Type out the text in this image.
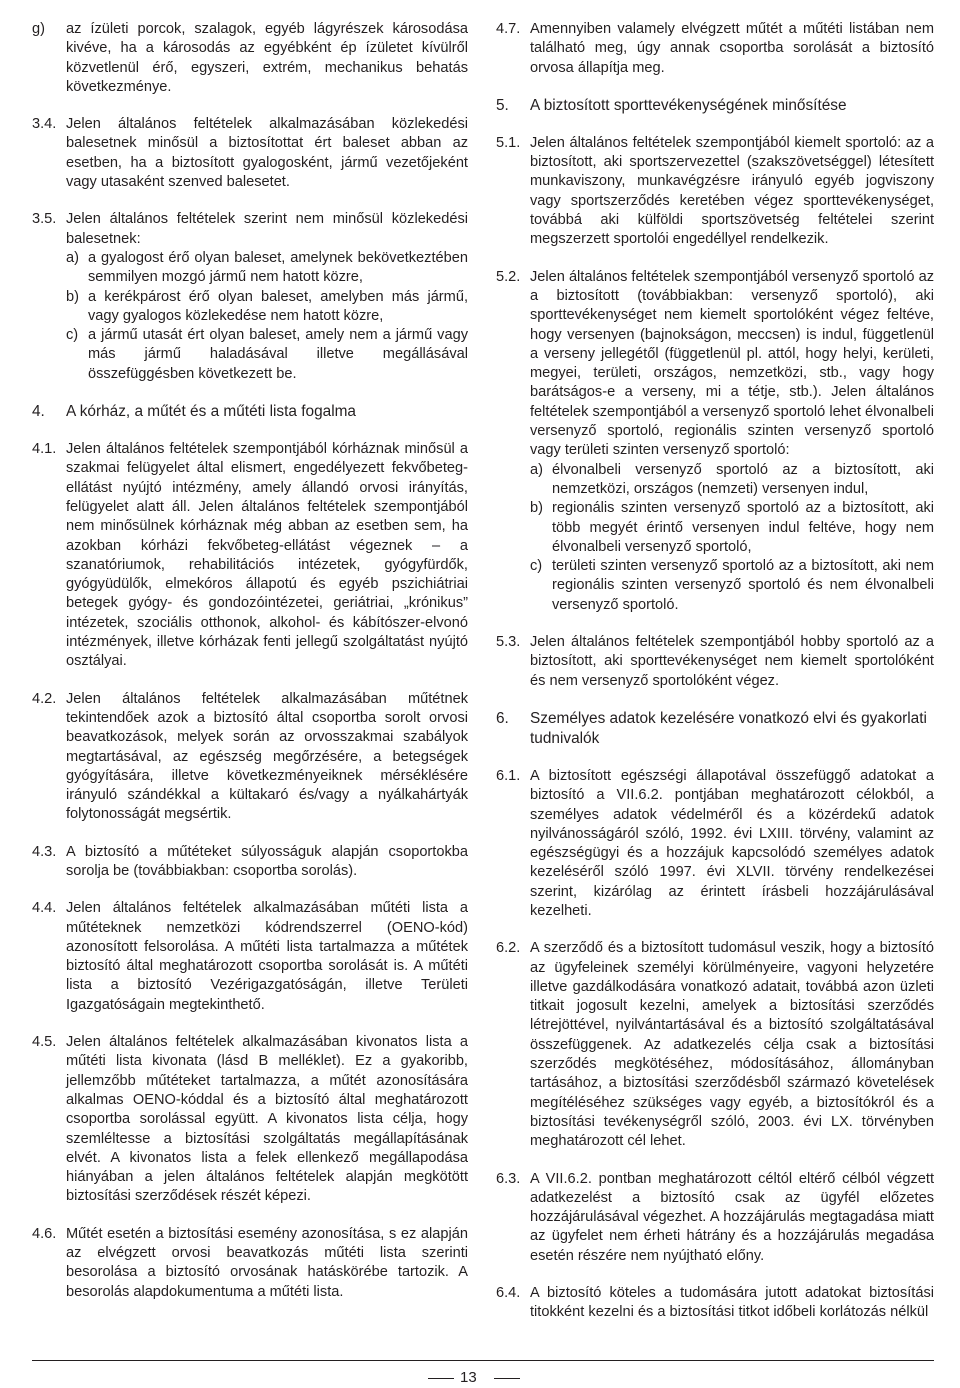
g) az ízületi porcok, szalagok, egyéb lágyrészek károsodása kivéve, ha a károsodás az egyébként ép ízületet kívülről közvetlenül érő, egyszeri, extrém, mechanikus behatás következménye.
3.4. Jelen általános feltételek alkalmazásában közlekedési balesetnek minősül a biztosítottat ért baleset abban az esetben, ha a biztosított gyalogosként, jármű vezetőjeként vagy utasaként szenved balesetet.
3.5. Jelen általános feltételek szerint nem minősül közlekedési balesetnek:
a) a gyalogost érő olyan baleset, amelynek bekövetkeztében semmilyen mozgó jármű nem hatott közre,
b) a kerékpárost érő olyan baleset, amelyben más jármű, vagy gyalogos közlekedése nem hatott közre,
c) a jármű utasát ért olyan baleset, amely nem a jármű vagy más jármű haladásával illetve megállásával összefüggésben következett be.
4. A kórház, a műtét és a műtéti lista fogalma
4.1. Jelen általános feltételek szempontjából kórháznak minősül a szakmai felügyelet által elismert, engedélyezett fekvőbeteg-ellátást nyújtó intézmény, amely állandó orvosi irányítás, felügyelet alatt áll. Jelen általános feltételek szempontjából nem minősülnek kórháznak még abban az esetben sem, ha azokban kórházi fekvőbeteg-ellátást végeznek – a szanatóriumok, rehabilitációs intézetek, gyógyfürdők, gyógyüdülők, elmekóros állapotú és egyéb pszichiátriai betegek gyógy- és gondozóintézetei, geriátriai, „krónikus” intézetek, szociális otthonok, alkohol- és kábítószer-elvonó intézmények, illetve kórházak fenti jellegű szolgáltatást nyújtó osztályai.
4.2. Jelen általános feltételek alkalmazásában műtétnek tekintendőek azok a biztosító által csoportba sorolt orvosi beavatkozások, melyek során az orvosszakmai szabályok megtartásával, az egészség megőrzésére, a betegségek gyógyítására, illetve következményeiknek mérséklésére irányuló szándékkal a kültakaró és/vagy a nyálkahártyák folytonosságát megsértik.
4.3. A biztosító a műtéteket súlyosságuk alapján csoportokba sorolja be (továbbiakban: csoportba sorolás).
4.4. Jelen általános feltételek alkalmazásában műtéti lista a műtéteknek nemzetközi kódrendszerrel (OENO-kód) azonosított felsorolása. A műtéti lista tartalmazza a műtétek biztosító által meghatározott csoportba sorolását is. A műtéti lista a biztosító Vezérigazgatóságán, illetve Területi Igazgatóságain megtekinthető.
4.5. Jelen általános feltételek alkalmazásában kivonatos lista a műtéti lista kivonata (lásd B melléklet). Ez a gyakoribb, jellemzőbb műtéteket tartalmazza, a műtét azonosítására alkalmas OENO-kóddal és a biztosító által meghatározott csoportba sorolással együtt. A kivonatos lista célja, hogy szemléltesse a biztosítási szolgáltatás megállapításának elvét. A kivonatos lista a felek ellenkező megállapodása hiányában a jelen általános feltételek alapján megkötött biztosítási szerződések részét képezi.
4.6. Műtét esetén a biztosítási esemény azonosítása, s ez alapján az elvégzett orvosi beavatkozás műtéti lista szerinti besorolása a biztosító orvosának hatáskörébe tartozik. A besorolás alapdokumentuma a műtéti lista.
4.7. Amennyiben valamely elvégzett műtét a műtéti listában nem található meg, úgy annak csoportba sorolását a biztosító orvosa állapítja meg.
5. A biztosított sporttevékenységének minősítése
5.1. Jelen általános feltételek szempontjából kiemelt sportoló: az a biztosított, aki sportszervezettel (szakszövetséggel) létesített munkaviszony, munkavégzésre irányuló egyéb jogviszony vagy sportszerződés keretében végez sporttevékenységet, továbbá aki külföldi sportszövetség feltételei szerint megszerzett sportolói engedéllyel rendelkezik.
5.2. Jelen általános feltételek szempontjából versenyző sportoló az a biztosított (továbbiakban: versenyző sportoló), aki sporttevékenységet nem kiemelt sportolóként végez feltéve, hogy versenyen (bajnokságon, meccsen) is indul, függetlenül a verseny jellegétől (függetlenül pl. attól, hogy helyi, kerületi, megyei, területi, országos, nemzetközi, stb., vagy hogy barátságos-e a verseny, mi a tétje, stb.). Jelen általános feltételek szempontjából a versenyző sportoló lehet élvonalbeli versenyző sportoló, regionális szinten versenyző sportoló vagy területi szinten versenyző sportoló:
a) élvonalbeli versenyző sportoló az a biztosított, aki nemzetközi, országos (nemzeti) versenyen indul,
b) regionális szinten versenyző sportoló az a biztosított, aki több megyét érintő versenyen indul feltéve, hogy nem élvonalbeli versenyző sportoló,
c) területi szinten versenyző sportoló az a biztosított, aki nem regionális szinten versenyző sportoló és nem élvonalbeli versenyző sportoló.
5.3. Jelen általános feltételek szempontjából hobby sportoló az a biztosított, aki sporttevékenységet nem kiemelt sportolóként és nem versenyző sportolóként végez.
6. Személyes adatok kezelésére vonatkozó elvi és gyakorlati tudnivalók
6.1. A biztosított egészségi állapotával összefüggő adatokat a biztosító a VII.6.2. pontjában meghatározott célokból, a személyes adatok védelméről és a közérdekű adatok nyilvánosságáról szóló, 1992. évi LXIII. törvény, valamint az egészségügyi és a hozzájuk kapcsolódó személyes adatok kezeléséről szóló 1997. évi XLVII. törvény rendelkezései szerint, kizárólag az érintett írásbeli hozzájárulásával kezelheti.
6.2. A szerződő és a biztosított tudomásul veszik, hogy a biztosító az ügyfeleinek személyi körülményeire, vagyoni helyzetére illetve gazdálkodására vonatkozó adatait, továbbá azon üzleti titkait jogosult kezelni, amelyek a biztosítási szerződés létrejöttével, nyilvántartásával és a biztosító szolgáltatásával összefüggenek. Az adatkezelés célja csak a biztosítási szerződés megkötéséhez, módosításához, állományban tartásához, a biztosítási szerződésből származó követelések megítéléséhez szükséges vagy egyéb, a biztosítókról és a biztosítási tevékenységről szóló, 2003. évi LX. törvényben meghatározott cél lehet.
6.3. A VII.6.2. pontban meghatározott céltól eltérő célból végzett adatkezelést a biztosító csak az ügyfél előzetes hozzájárulásával végezhet. A hozzájárulás megtagadása miatt az ügyfelet nem érheti hátrány és a hozzájárulás megadása esetén részére nem nyújtható előny.
6.4. A biztosító köteles a tudomására jutott adatokat biztosítási titokként kezelni és a biztosítási titkot időbeli korlátozás nélkül
13
